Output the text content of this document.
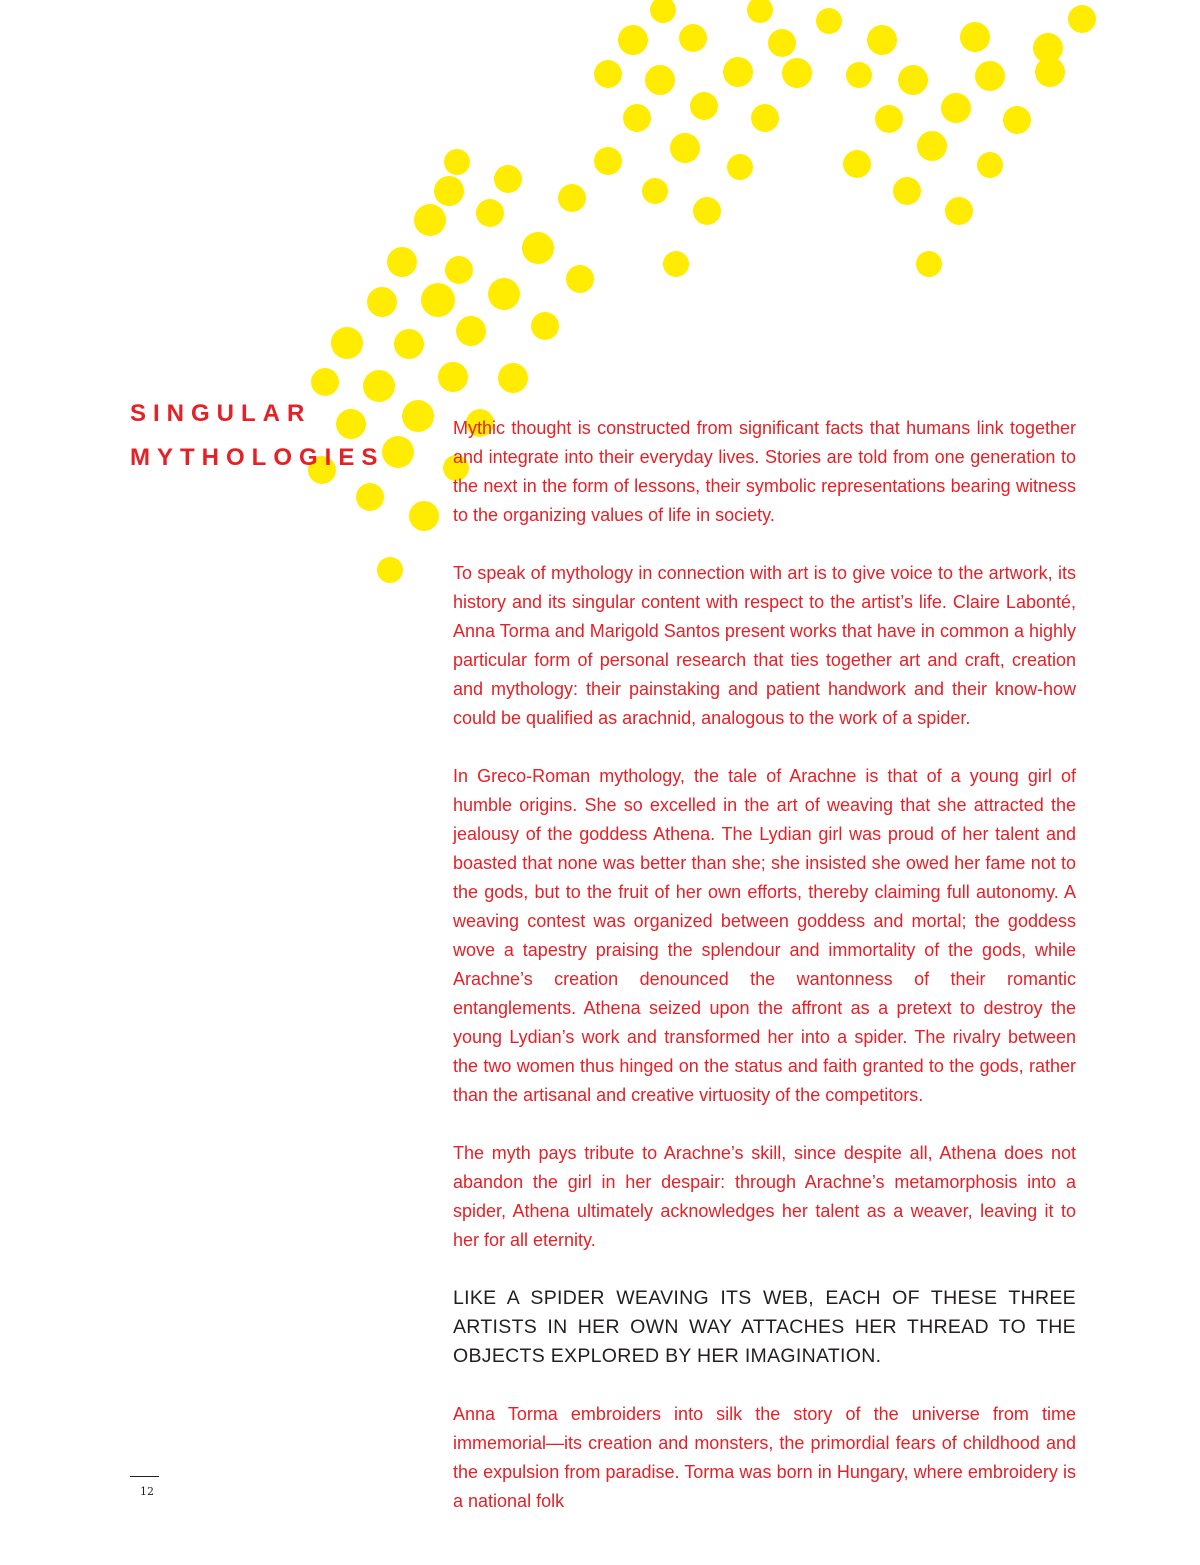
SINGULAR
MYTHOLOGIES

Mythic thought is constructed from significant facts that humans link together and integrate into their everyday lives. Stories are told from one generation to the next in the form of lessons, their symbolic representations bearing witness to the organizing values of life in society.

To speak of mythology in connection with art is to give voice to the artwork, its history and its singular content with respect to the artist’s life. Claire Labonté, Anna Torma and Marigold Santos present works that have in common a highly particular form of personal research that ties together art and craft, creation and mythology: their painstaking and patient handwork and their know-how could be qualified as arachnid, analogous to the work of a spider.

In Greco-Roman mythology, the tale of Arachne is that of a young girl of humble origins. She so excelled in the art of weaving that she attracted the jealousy of the goddess Athena. The Lydian girl was proud of her talent and boasted that none was better than she; she insisted she owed her fame not to the gods, but to the fruit of her own efforts, thereby claiming full autonomy. A weaving contest was organized between goddess and mortal; the goddess wove a tapestry praising the splendour and immortality of the gods, while Arachne’s creation denounced the wantonness of their romantic entanglements. Athena seized upon the affront as a pretext to destroy the young Lydian’s work and transformed her into a spider. The rivalry between the two women thus hinged on the status and faith granted to the gods, rather than the artisanal and creative virtuosity of the competitors.

The myth pays tribute to Arachne’s skill, since despite all, Athena does not abandon the girl in her despair: through Arachne’s metamorphosis into a spider, Athena ultimately acknowledges her talent as a weaver, leaving it to her for all eternity.

LIKE A SPIDER WEAVING ITS WEB, EACH OF THESE THREE ARTISTS IN HER OWN WAY ATTACHES HER THREAD TO THE OBJECTS EXPLORED BY HER IMAGINATION.

Anna Torma embroiders into silk the story of the universe from time immemorial—its creation and monsters, the primordial fears of childhood and the expulsion from paradise. Torma was born in Hungary, where embroidery is a national folk

12
